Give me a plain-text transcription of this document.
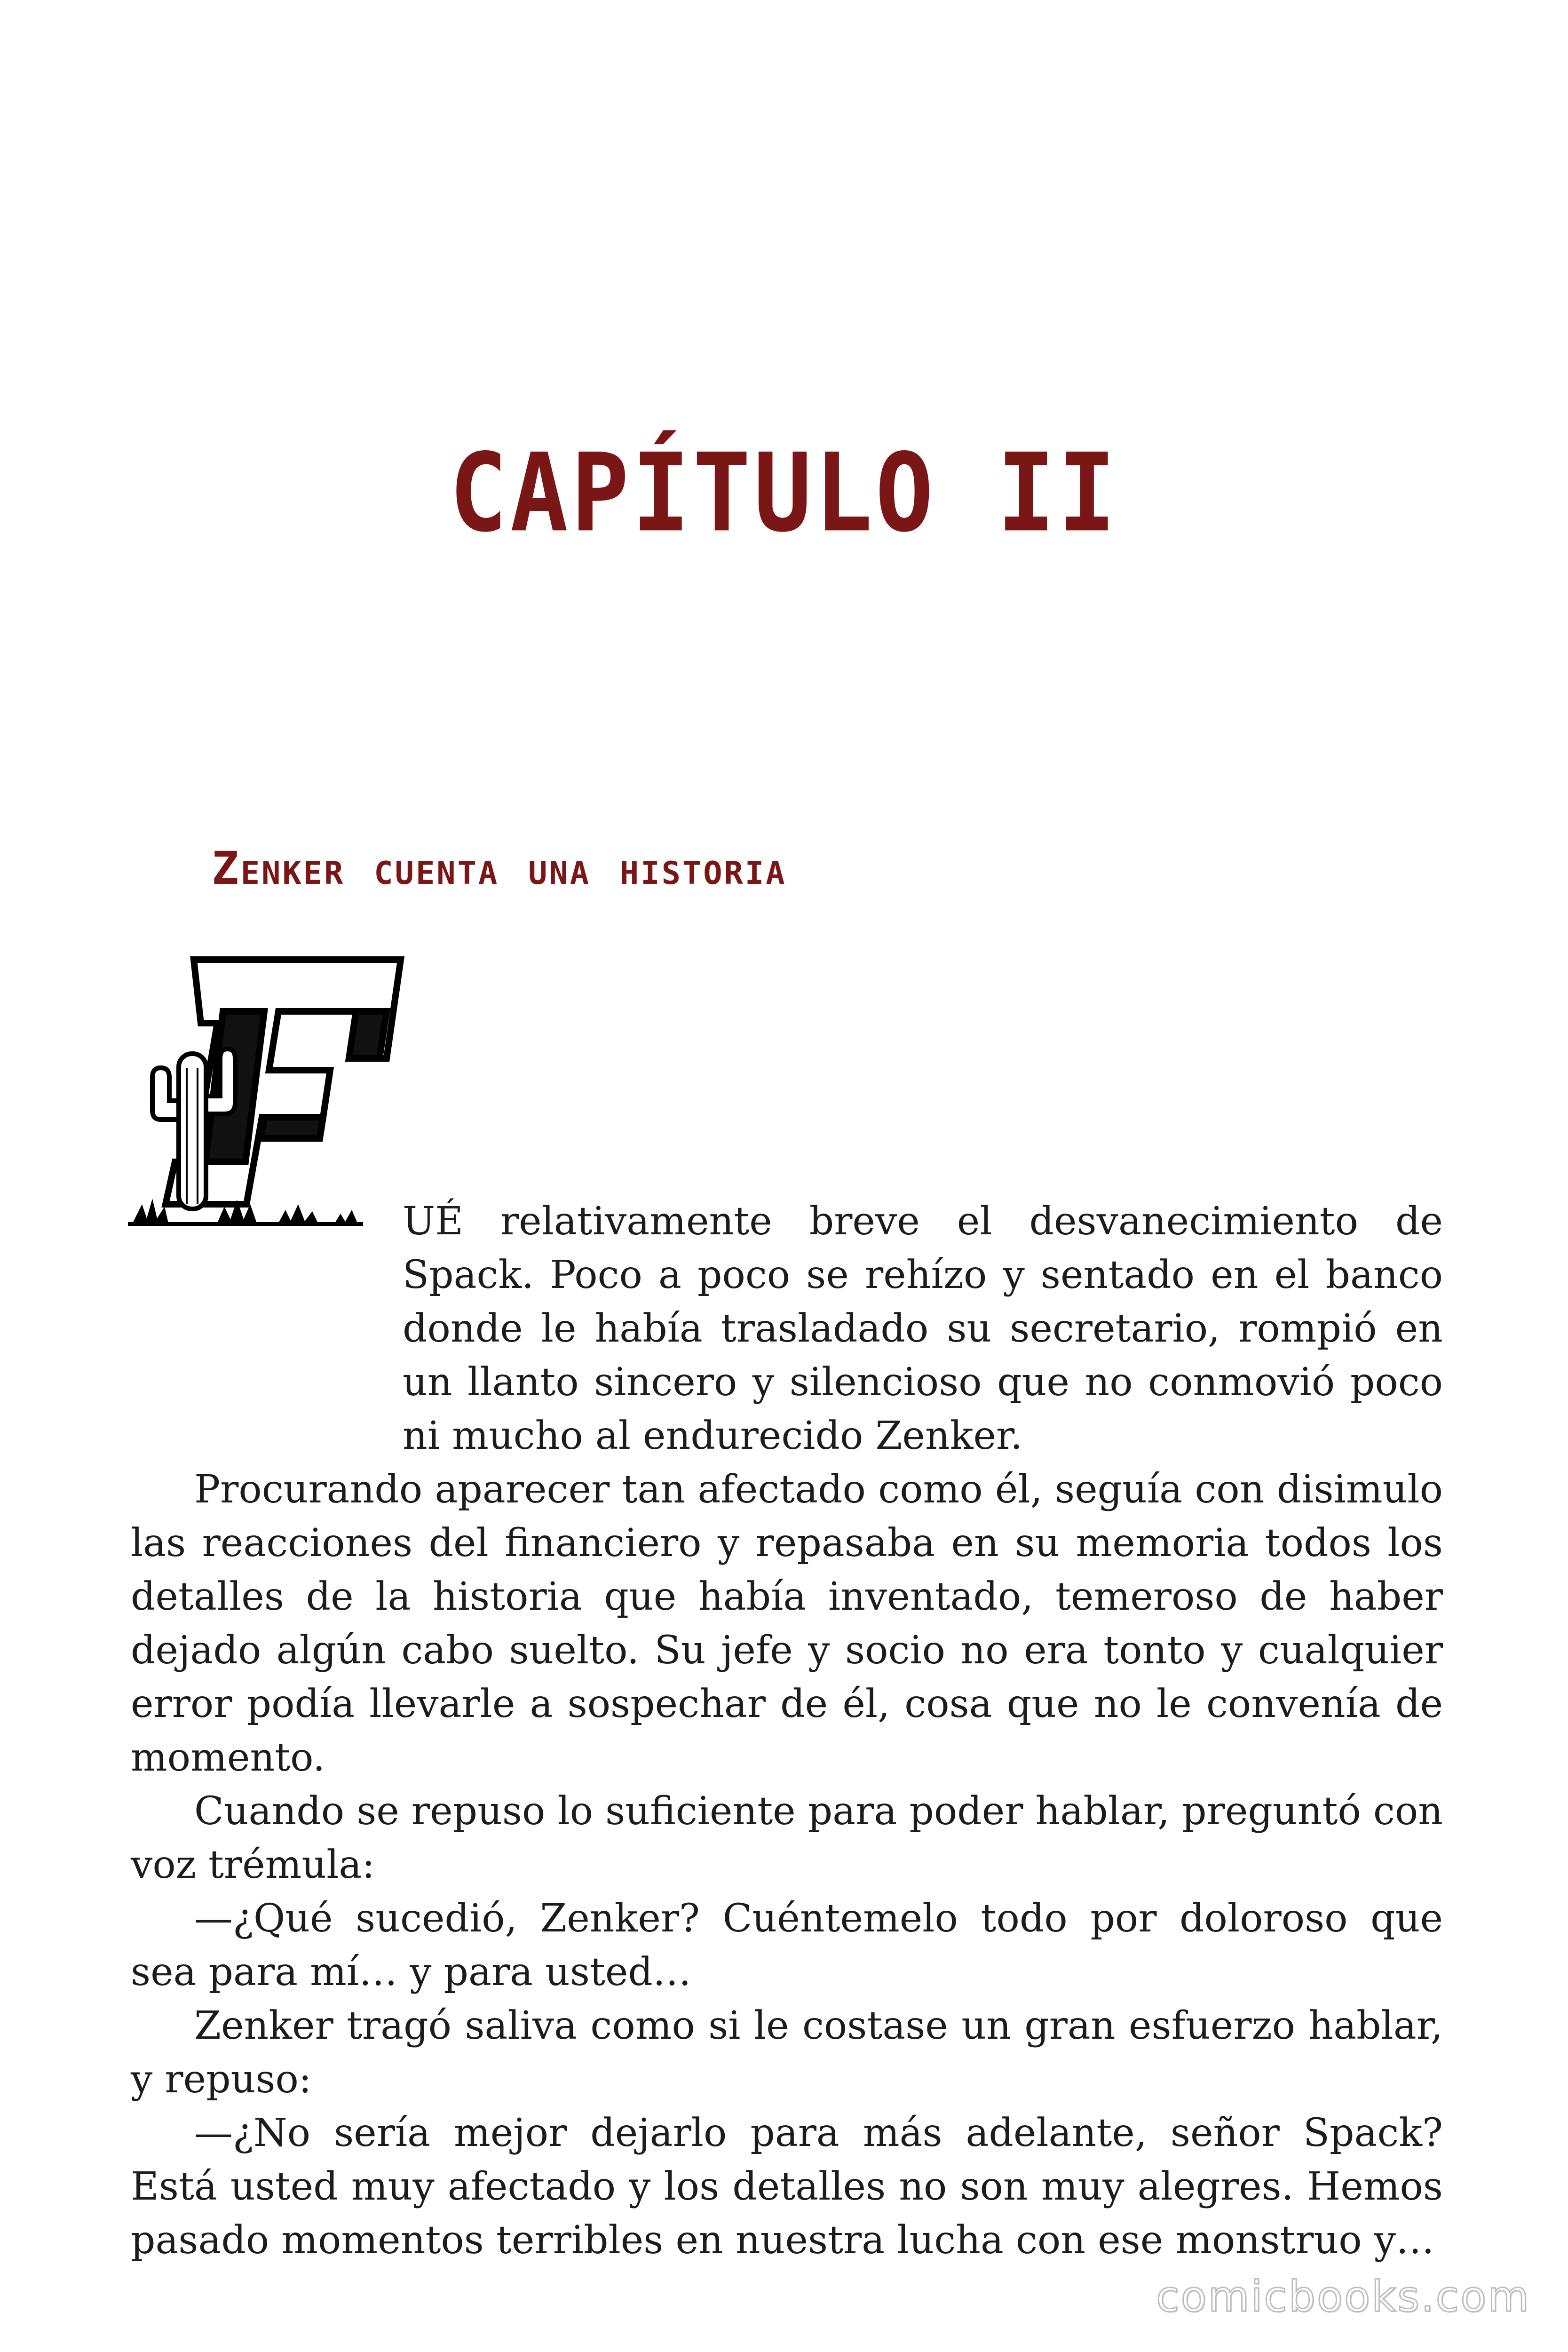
CAPÍTULO II
Zenker cuenta una historia

UÉ relativamente breve el desvanecimiento de Spack. Poco a poco se rehízo y sentado en el banco donde le había trasladado su secretario, rompió en un llanto sincero y silencioso que no conmovió poco ni mucho al endurecido Zenker.

Procurando aparecer tan afectado como él, seguía con disimulo las reacciones del financiero y repasaba en su memoria todos los detalles de la historia que había inventado, temeroso de haber dejado algún cabo suelto. Su jefe y socio no era tonto y cualquier error podía llevarle a sospechar de él, cosa que no le convenía de momento.

Cuando se repuso lo suficiente para poder hablar, preguntó con voz trémula:

—¿Qué sucedió, Zenker? Cuéntemelo todo por doloroso que sea para mí… y para usted…

Zenker tragó saliva como si le costase un gran esfuerzo hablar, y repuso:

—¿No sería mejor dejarlo para más adelante, señor Spack? Está usted muy afectado y los detalles no son muy alegres. Hemos pasado momentos terribles en nuestra lucha con ese monstruo y…

comicbooks.com
